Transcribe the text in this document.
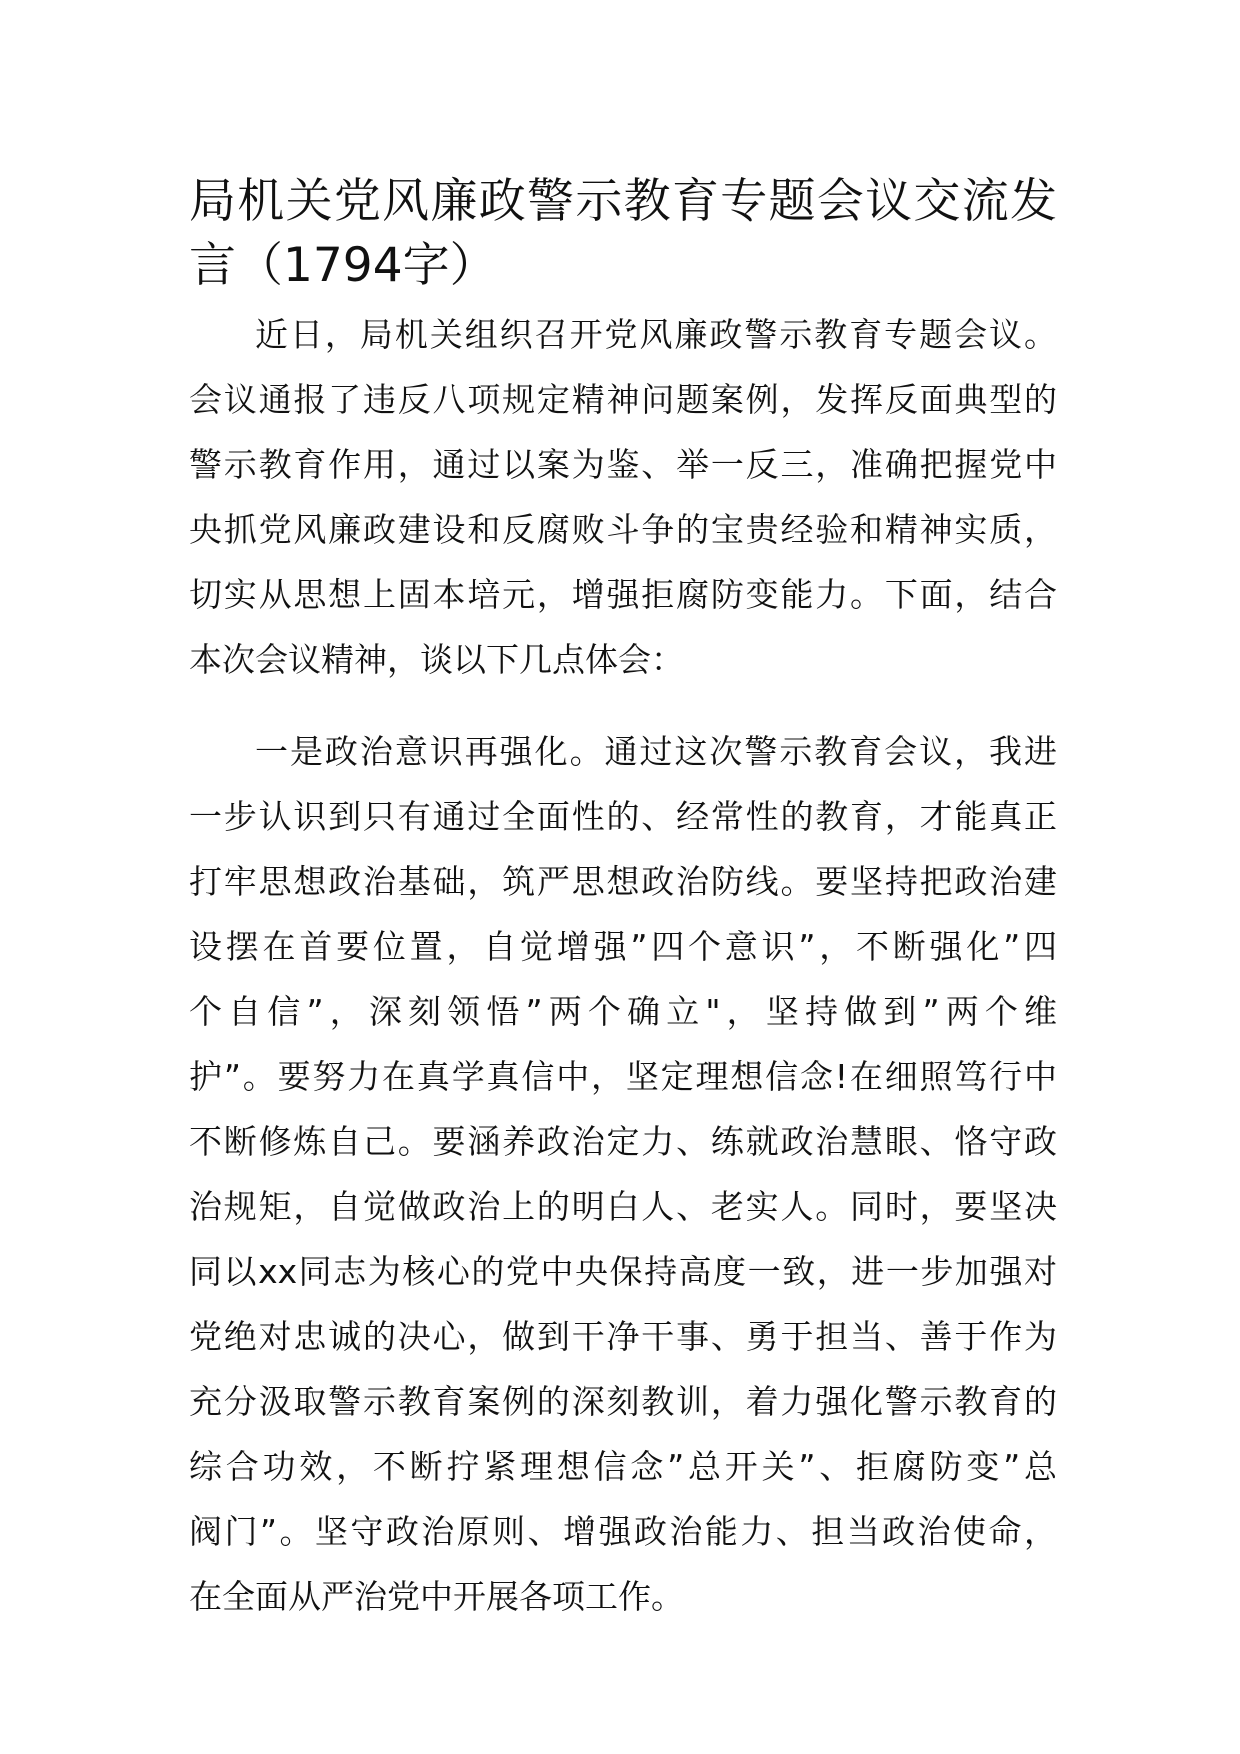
局机关党风廉政警示教育专题会议交流发
言（1794字）
近日，局机关组织召开党风廉政警示教育专题会议。
会议通报了违反八项规定精神问题案例，发挥反面典型的
警示教育作用，通过以案为鉴、举一反三，准确把握党中
央抓党风廉政建设和反腐败斗争的宝贵经验和精神实质，
切实从思想上固本培元，增强拒腐防变能力。下面，结合
本次会议精神，谈以下几点体会：
一是政治意识再强化。通过这次警示教育会议，我进
一步认识到只有通过全面性的、经常性的教育，才能真正
打牢思想政治基础，筑严思想政治防线。要坚持把政治建
设摆在首要位置，自觉增强”四个意识”，不断强化”四
个自信”，深刻领悟”两个确立"，坚持做到”两个维
护”。要努力在真学真信中，坚定理想信念!在细照笃行中
不断修炼自己。要涵养政治定力、练就政治慧眼、恪守政
治规矩，自觉做政治上的明白人、老实人。同时，要坚决
同以xx同志为核心的党中央保持高度一致，进一步加强对
党绝对忠诚的决心，做到干净干事、勇于担当、善于作为
充分汲取警示教育案例的深刻教训，着力强化警示教育的
综合功效，不断拧紧理想信念”总开关”、拒腐防变”总
阀门”。坚守政治原则、增强政治能力、担当政治使命，
在全面从严治党中开展各项工作。
